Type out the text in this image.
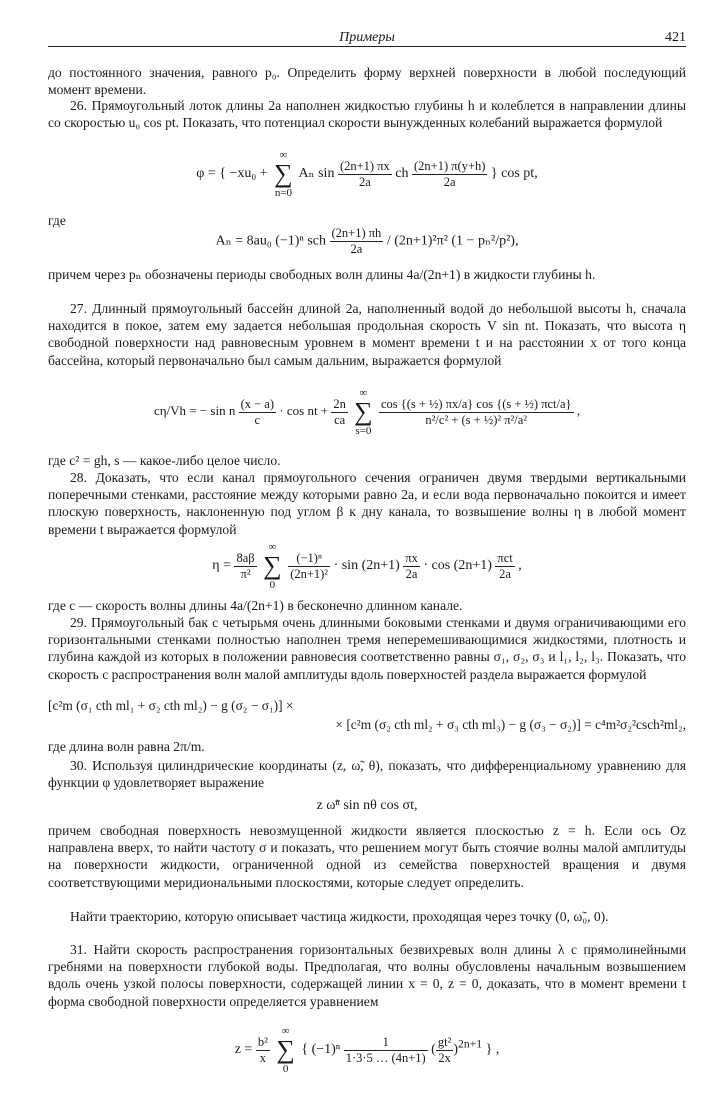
Примеры	421

до постоянного значения, равного p₀. Определить форму верхней поверхности в любой последующий момент времени.

26. Прямоугольный лоток длины 2a наполнен жидкостью глубины h и колеблется в направлении длины со скоростью u₀ cos pt. Показать, что потенциал скорости вынужденных колебаний выражается формулой

φ = { −xu₀ +
∞
∑
n=0
Aₙ $\sin \frac{(2n+1) \pi x}{2a}$ ch $\frac{(2n+1) \pi(y+h)}{2a}$ } cos pt,

где

Aₙ = 8au₀ (−1)ⁿ sch $\frac{(2n+1) \pi h}{2a} / (2n+1)^2\pi^2$ (1 − pₙ²/p²),

причем через pₙ обозначены периоды свободных волн длины 4a/(2n+1) в жидкости глубины h.

27. Длинный прямоугольный бассейн длиной 2a, наполненный водой до небольшой высоты h, сначала находится в покое, затем ему задается небольшая продольная скорость V sin nt. Показать, что высота η свободной поверхности над равновесным уровнем в момент времени t и на расстоянии x от того конца бассейна, который первоначально был самым дальним, выражается формулой

cη/Vh = − sin n $\frac{(x - a)}{c} \cdot \cos$ nt + $\frac{2n}{ca}$

∞
∑
s=0

$\frac{\text{cos \{(s + ½) πx/a\} cos \{(s + ½) πct/a\}}}{\text{n²/c² + (s + ½)² π²/a²}}$ ,

где c² = gh, s — какое-либо целое число.

28. Доказать, что если канал прямоугольного сечения ограничен двумя твердыми вертикальными поперечными стенками, расстояние между которыми равно 2a, и если вода первоначально покоится и имеет плоскую поверхность, наклоненную под углом β к дну канала, то возвышение волны η в любой момент времени t выражается формулой

$\eta = \frac{8a\beta}{\text{π²}}$

∞
∑
0

$\frac{\text{(−1)ⁿ}}{\text{(2n+1)²}} \cdot \sin (2n+1) \frac{\pi x}{2a} \cdot \cos (2n+1) \frac{\text{πct}}{2a}$ ,

где c — скорость волны длины 4a/(2n+1) в бесконечно длинном канале.

29. Прямоугольный бак с четырьмя очень длинными боковыми стенками и двумя ограничивающими его горизонтальными стенками полностью наполнен тремя неперемешивающимися жидкостями, плотность и глубина каждой из которых в положении равновесия соответственно равны σ₁, σ₂, σ₃ и l₁, l₂, l₃. Показать, что скорость c распространения волн малой амплитуды вдоль поверхностей раздела выражается формулой

[c²m (σ₁ cth ml₁ + σ₂ cth ml₂) − g (σ₂ − σ₁)] ×
× [c²m (σ₂ cth ml₂ + σ₃ cth ml₃) − g (σ₃ − σ₂)] = c⁴m²σ₂²csch²ml₂,

где длина волн равна 2π/m.

30. Используя цилиндрические координаты (z, ω̃, θ), показать, что дифференциальному уравнению для функции φ удовлетворяет выражение

z ω̃ⁿ sin nθ cos σt,

причем свободная поверхность невозмущенной жидкости является плоскостью z = h. Если ось Oz направлена вверх, то найти частоту σ и показать, что решением могут быть стоячие волны малой амплитуды на поверхности жидкости, ограниченной одной из семейства поверхностей вращения и двумя соответствующими меридиональными плоскостями, которые следует определить.

Найти траекторию, которую описывает частица жидкости, проходящая через точку (0, ω̃₀, 0).

31. Найти скорость распространения горизонтальных безвихревых волн длины λ с прямолинейными гребнями на поверхности глубокой воды. Предполагая, что волны обусловлены начальным возвышением вдоль очень узкой полосы поверхности, содержащей линии x = 0, z = 0, доказать, что в момент времени t форма свободной поверхности определяется уравнением

$z = \frac{\text{b²}}{x}$

∞
∑
0
{ $(-1)^n \frac{1}{1\cdot 3\cdot 5 \dots (4n+1)}$ ( $\frac{\text{gt²}}{2x} )^{2n+1}$ } ,
